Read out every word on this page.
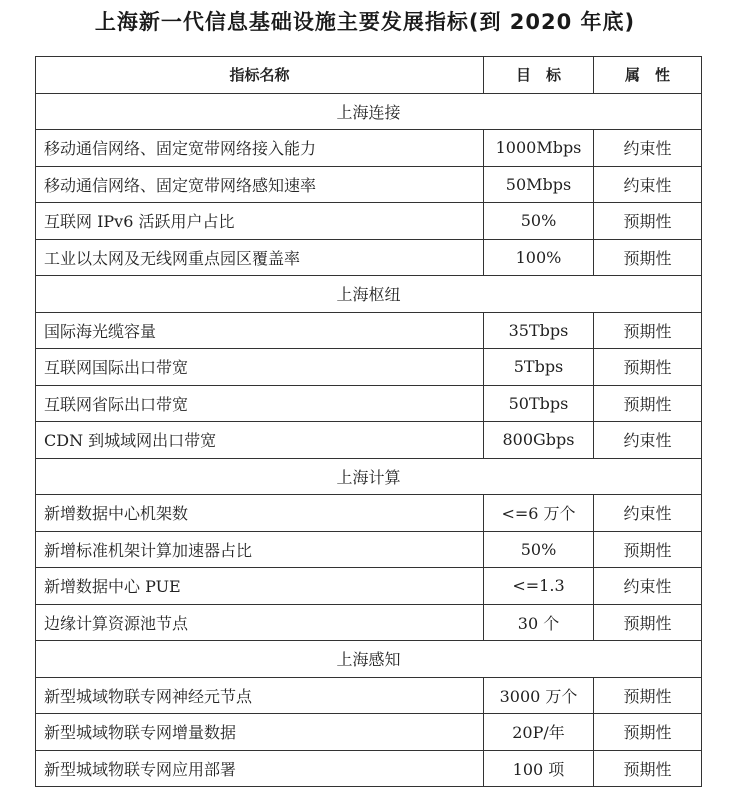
上海新一代信息基础设施主要发展指标(到 2020 年底)
指标名称	目　标	属　性
上海连接		
移动通信网络、固定宽带网络接入能力	1000Mbps	约束性
移动通信网络、固定宽带网络感知速率	50Mbps	约束性
互联网 IPv6 活跃用户占比	50%	预期性
工业以太网及无线网重点园区覆盖率	100%	预期性
上海枢纽		
国际海光缆容量	35Tbps	预期性
互联网国际出口带宽	5Tbps	预期性
互联网省际出口带宽	50Tbps	预期性
CDN 到城域网出口带宽	800Gbps	约束性
上海计算		
新增数据中心机架数	<=6 万个	约束性
新增标准机架计算加速器占比	50%	预期性
新增数据中心 PUE	<=1.3	约束性
边缘计算资源池节点	30 个	预期性
上海感知		
新型城域物联专网神经元节点	3000 万个	预期性
新型城域物联专网增量数据	20P/年	预期性
新型城域物联专网应用部署	100 项	预期性
